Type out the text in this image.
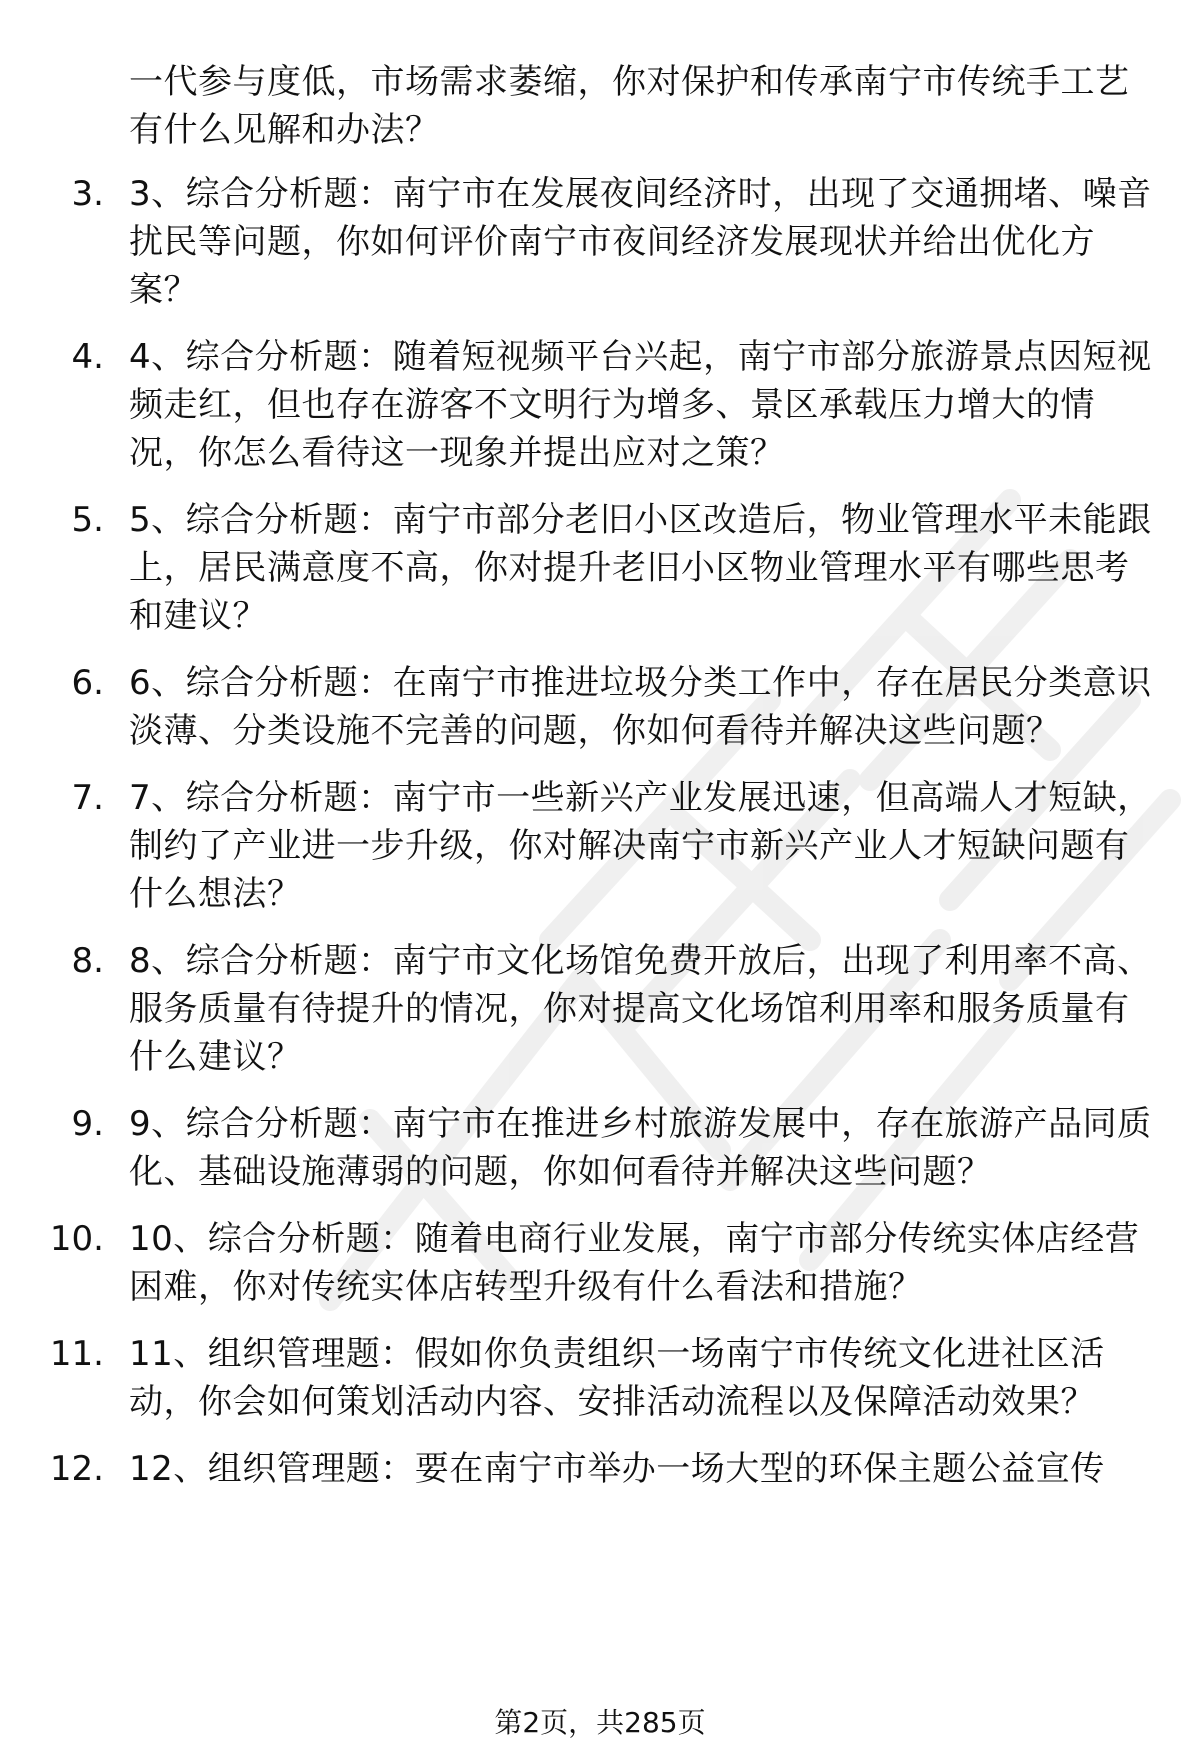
一代参与度低，市场需求萎缩，你对保护和传承南宁市传统手工艺有什么见解和办法？
3. 3、综合分析题：南宁市在发展夜间经济时，出现了交通拥堵、噪音扰民等问题，你如何评价南宁市夜间经济发展现状并给出优化方案？
4. 4、综合分析题：随着短视频平台兴起，南宁市部分旅游景点因短视频走红，但也存在游客不文明行为增多、景区承载压力增大的情况，你怎么看待这一现象并提出应对之策？
5. 5、综合分析题：南宁市部分老旧小区改造后，物业管理水平未能跟上，居民满意度不高，你对提升老旧小区物业管理水平有哪些思考和建议？
6. 6、综合分析题：在南宁市推进垃圾分类工作中，存在居民分类意识淡薄、分类设施不完善的问题，你如何看待并解决这些问题？
7. 7、综合分析题：南宁市一些新兴产业发展迅速，但高端人才短缺，制约了产业进一步升级，你对解决南宁市新兴产业人才短缺问题有什么想法？
8. 8、综合分析题：南宁市文化场馆免费开放后，出现了利用率不高、服务质量有待提升的情况，你对提高文化场馆利用率和服务质量有什么建议？
9. 9、综合分析题：南宁市在推进乡村旅游发展中，存在旅游产品同质化、基础设施薄弱的问题，你如何看待并解决这些问题？
10. 10、综合分析题：随着电商行业发展，南宁市部分传统实体店经营困难，你对传统实体店转型升级有什么看法和措施？
11. 11、组织管理题：假如你负责组织一场南宁市传统文化进社区活动，你会如何策划活动内容、安排活动流程以及保障活动效果？
12. 12、组织管理题：要在南宁市举办一场大型的环保主题公益宣传
第2页，共285页
